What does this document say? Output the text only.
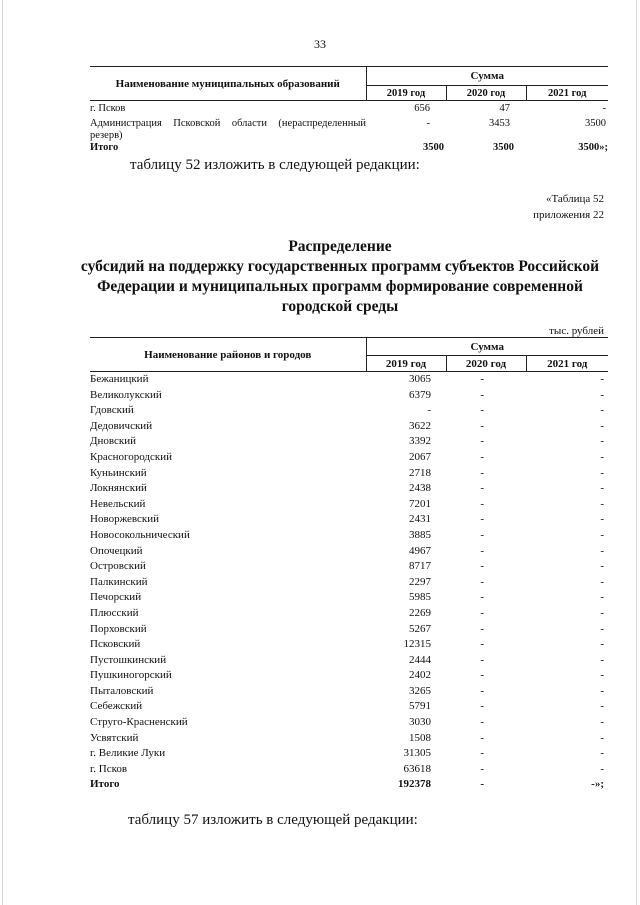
33
Наименование муниципальных образований	Сумма		
	2019 год	2020 год	2021 год
г. Псков	656	47	-
Администрация Псковской области (нераспределенный резерв)	-	3453	3500
Итого	3500	3500	3500»;
таблицу 52 изложить в следующей редакции:
«Таблица 52
приложения 22
Распределение
субсидий на поддержку государственных программ субъектов Российской Федерации и муниципальных программ формирование современной городской среды
тыс. рублей
Наименование районов и городов	Сумма		
	2019 год	2020 год	2021 год
Бежаницкий	3065	-	-
Великолукский	6379	-	-
Гдовский	-	-	-
Дедовичский	3622	-	-
Дновский	3392	-	-
Красногородский	2067	-	-
Куньинский	2718	-	-
Локнянский	2438	-	-
Невельский	7201	-	-
Новоржевский	2431	-	-
Новосокольнический	3885	-	-
Опочецкий	4967	-	-
Островский	8717	-	-
Палкинский	2297	-	-
Печорский	5985	-	-
Плюсский	2269	-	-
Порховский	5267	-	-
Псковский	12315	-	-
Пустошкинский	2444	-	-
Пушкиногорский	2402	-	-
Пыталовский	3265	-	-
Себежский	5791	-	-
Струго-Красненский	3030	-	-
Усвятский	1508	-	-
г. Великие Луки	31305	-	-
г. Псков	63618	-	-
Итого	192378	-	-»;
таблицу 57 изложить в следующей редакции:
